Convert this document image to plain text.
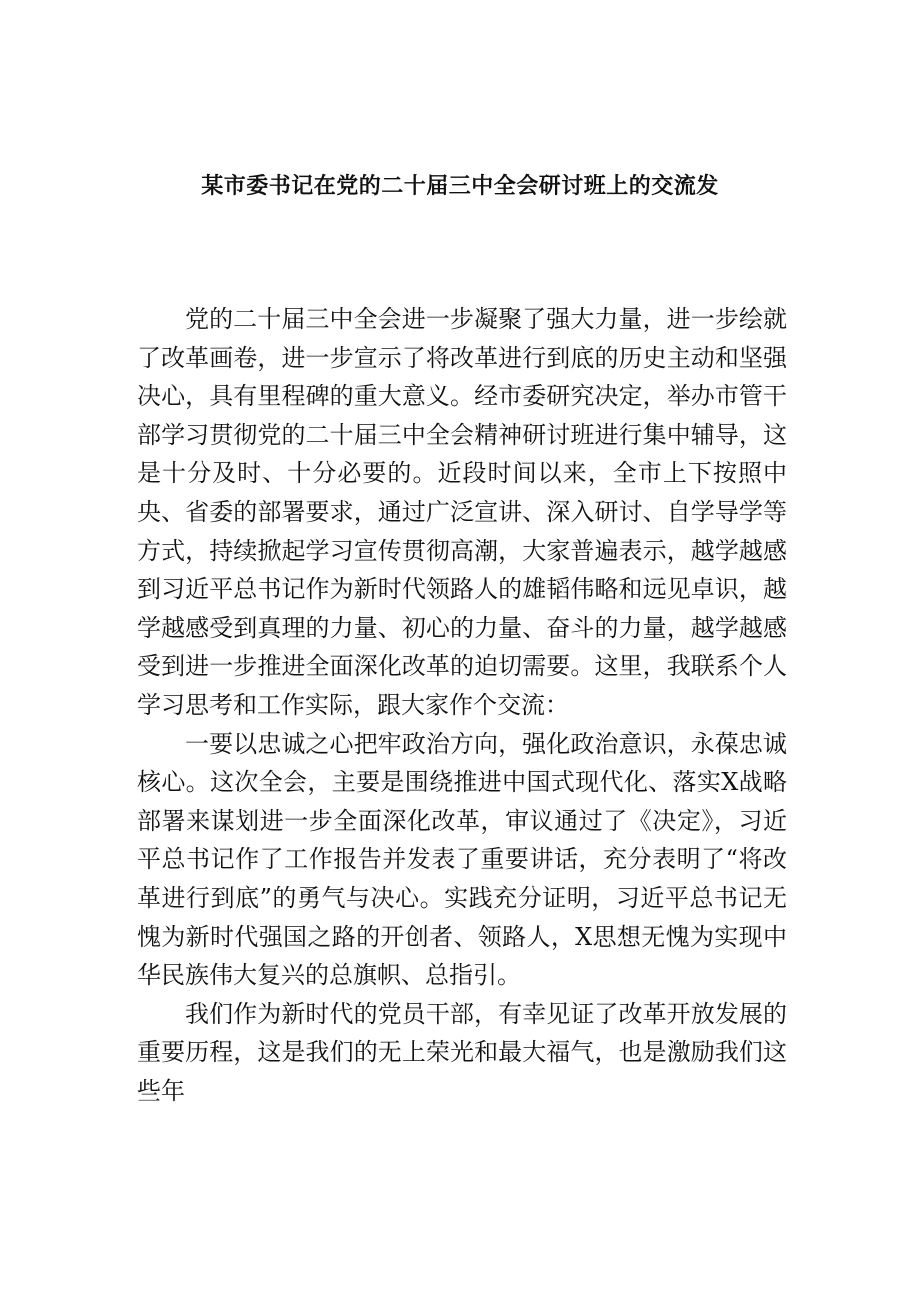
某市委书记在党的二十届三中全会研讨班上的交流发

党的二十届三中全会进一步凝聚了强大力量，进一步绘就了改革画卷，进一步宣示了将改革进行到底的历史主动和坚强决心，具有里程碑的重大意义。经市委研究决定，举办市管干部学习贯彻党的二十届三中全会精神研讨班进行集中辅导，这是十分及时、十分必要的。近段时间以来，全市上下按照中央、省委的部署要求，通过广泛宣讲、深入研讨、自学导学等方式，持续掀起学习宣传贯彻高潮，大家普遍表示，越学越感到习近平总书记作为新时代领路人的雄韬伟略和远见卓识，越学越感受到真理的力量、初心的力量、奋斗的力量，越学越感受到进一步推进全面深化改革的迫切需要。这里，我联系个人学习思考和工作实际，跟大家作个交流：

一要以忠诚之心把牢政治方向，强化政治意识，永葆忠诚核心。这次全会，主要是围绕推进中国式现代化、落实X战略部署来谋划进一步全面深化改革，审议通过了《决定》，习近平总书记作了工作报告并发表了重要讲话，充分表明了“将改革进行到底”的勇气与决心。实践充分证明，习近平总书记无愧为新时代强国之路的开创者、领路人，X思想无愧为实现中华民族伟大复兴的总旗帜、总指引。

我们作为新时代的党员干部，有幸见证了改革开放发展的重要历程，这是我们的无上荣光和最大福气，也是激励我们这些年
